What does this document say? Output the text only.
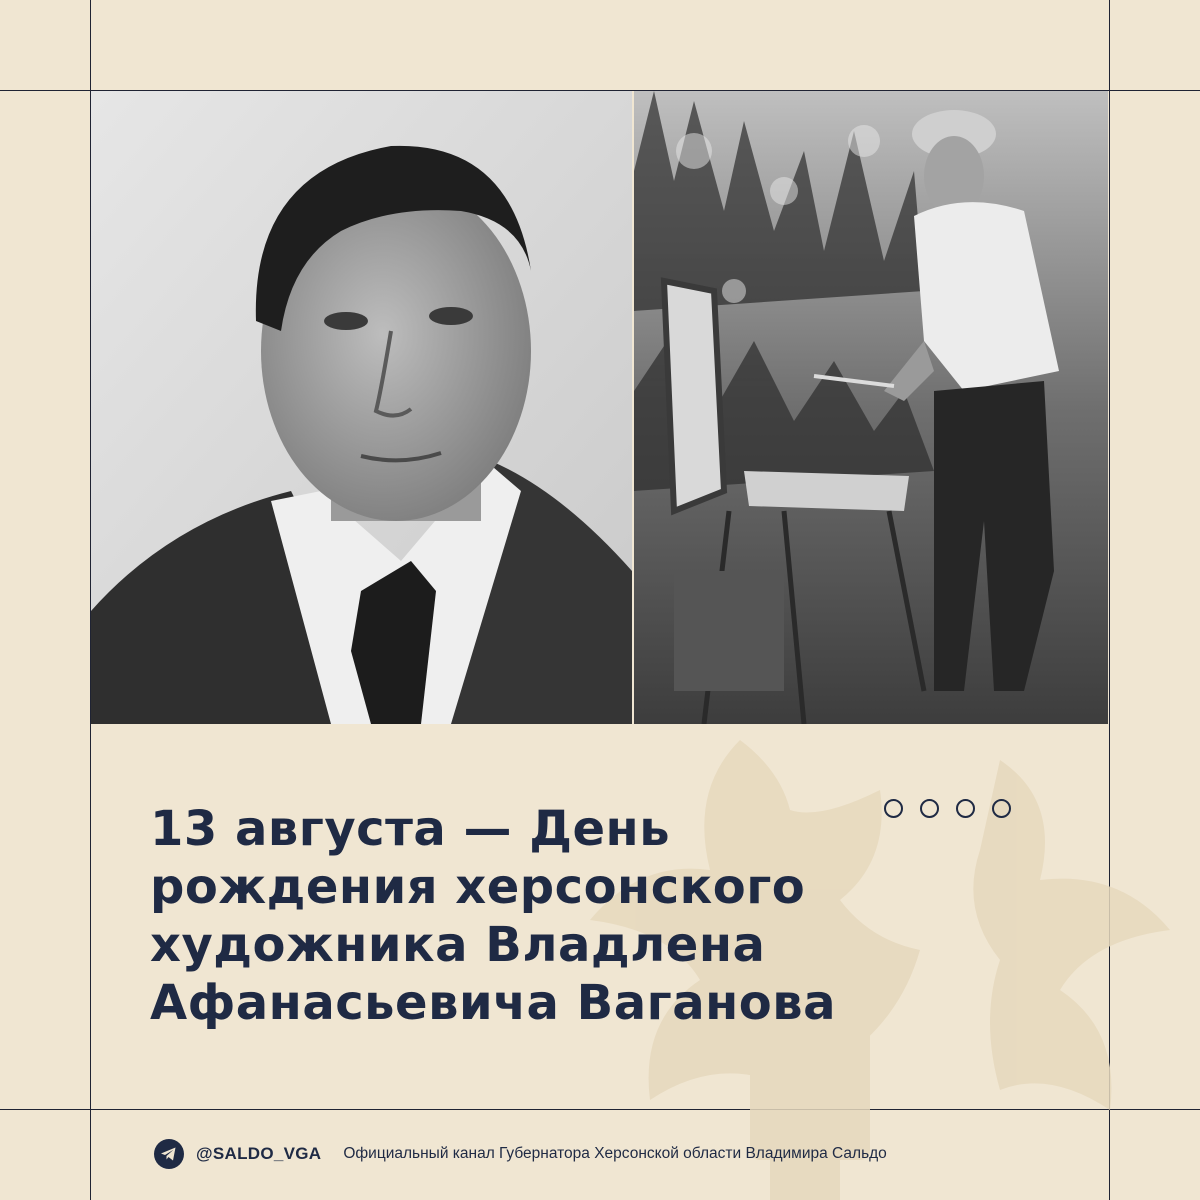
13 августа — День
рождения херсонского
художника Владлена
Афанасьевича Ваганова
@SALDO_VGA Официальный канал Губернатора Херсонской области Владимира Сальдо
